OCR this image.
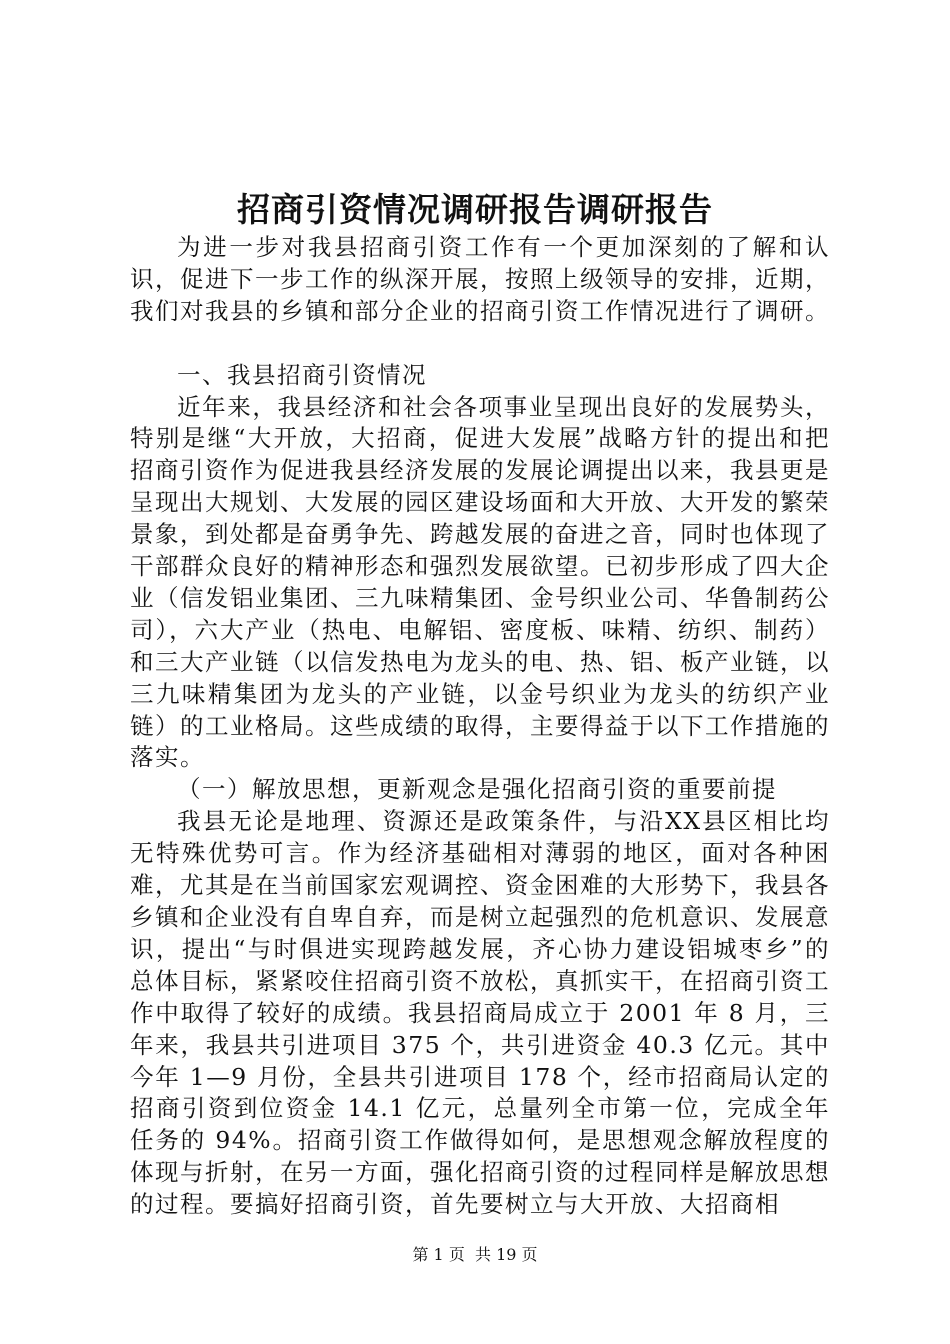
招商引资情况调研报告调研报告

为进一步对我县招商引资工作有一个更加深刻的了解和认识，促进下一步工作的纵深开展，按照上级领导的安排，近期，我们对我县的乡镇和部分企业的招商引资工作情况进行了调研。

一、我县招商引资情况

近年来，我县经济和社会各项事业呈现出良好的发展势头，特别是继“大开放，大招商，促进大发展”战略方针的提出和把招商引资作为促进我县经济发展的发展论调提出以来，我县更是呈现出大规划、大发展的园区建设场面和大开放、大开发的繁荣景象，到处都是奋勇争先、跨越发展的奋进之音，同时也体现了干部群众良好的精神形态和强烈发展欲望。已初步形成了四大企业（信发铝业集团、三九味精集团、金号织业公司、华鲁制药公司），六大产业（热电、电解铝、密度板、味精、纺织、制药）和三大产业链（以信发热电为龙头的电、热、铝、板产业链，以三九味精集团为龙头的产业链，以金号织业为龙头的纺织产业链）的工业格局。这些成绩的取得，主要得益于以下工作措施的落实。

（一）解放思想，更新观念是强化招商引资的重要前提

我县无论是地理、资源还是政策条件，与沿XX县区相比均无特殊优势可言。作为经济基础相对薄弱的地区，面对各种困难，尤其是在当前国家宏观调控、资金困难的大形势下，我县各乡镇和企业没有自卑自弃，而是树立起强烈的危机意识、发展意识，提出“与时俱进实现跨越发展，齐心协力建设铝城枣乡”的总体目标，紧紧咬住招商引资不放松，真抓实干，在招商引资工作中取得了较好的成绩。我县招商局成立于 2001 年 8 月，三年来，我县共引进项目 375 个，共引进资金 40.3 亿元。其中今年 1—9 月份，全县共引进项目 178 个，经市招商局认定的招商引资到位资金 14.1 亿元，总量列全市第一位，完成全年任务的 94%。招商引资工作做得如何，是思想观念解放程度的体现与折射，在另一方面，强化招商引资的过程同样是解放思想的过程。要搞好招商引资，首先要树立与大开放、大招商相

第 1 页  共 19 页
